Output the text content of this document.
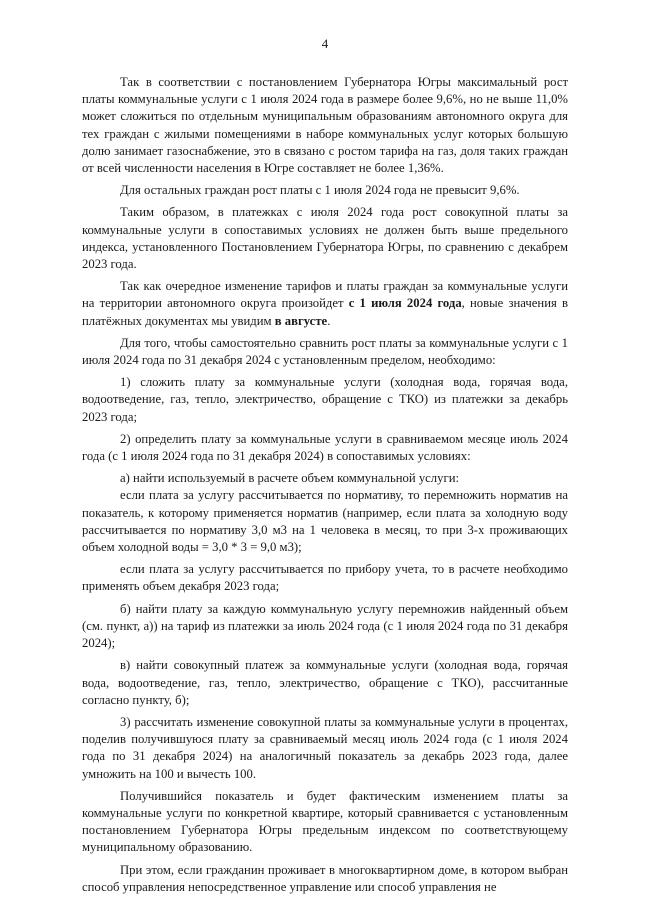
4

Так в соответствии с постановлением Губернатора Югры максимальный рост платы коммунальные услуги с 1 июля 2024 года в размере более 9,6%, но не выше 11,0% может сложиться по отдельным муниципальным образованиям автономного округа для тех граждан с жилыми помещениями в наборе коммунальных услуг которых большую долю занимает газоснабжение, это в связано с ростом тарифа на газ, доля таких граждан от всей численности населения в Югре составляет не более 1,36%.

Для остальных граждан рост платы с 1 июля 2024 года не превысит 9,6%.

Таким образом, в платежках с июля 2024 года рост совокупной платы за коммунальные услуги в сопоставимых условиях не должен быть выше предельного индекса, установленного Постановлением Губернатора Югры, по сравнению с декабрем 2023 года.

Так как очередное изменение тарифов и платы граждан за коммунальные услуги на территории автономного округа произойдет с 1 июля 2024 года, новые значения в платёжных документах мы увидим в августе.

Для того, чтобы самостоятельно сравнить рост платы за коммунальные услуги с 1 июля 2024 года по 31 декабря 2024 с установленным пределом, необходимо:

1) сложить плату за коммунальные услуги (холодная вода, горячая вода, водоотведение, газ, тепло, электричество, обращение с ТКО) из платежки за декабрь 2023 года;

2) определить плату за коммунальные услуги в сравниваемом месяце июль 2024 года (с 1 июля 2024 года по 31 декабря 2024) в сопоставимых условиях:

а) найти используемый в расчете объем коммунальной услуги:

если плата за услугу рассчитывается по нормативу, то перемножить норматив на показатель, к которому применяется норматив (например, если плата за холодную воду рассчитывается по нормативу 3,0 м3 на 1 человека в месяц, то при 3-х проживающих объем холодной воды = 3,0 * 3 = 9,0 м3);

если плата за услугу рассчитывается по прибору учета, то в расчете необходимо применять объем декабря 2023 года;

б) найти плату за каждую коммунальную услугу перемножив найденный объем (см. пункт, а)) на тариф из платежки за июль 2024 года (с 1 июля 2024 года по 31 декабря 2024);

в) найти совокупный платеж за коммунальные услуги (холодная вода, горячая вода, водоотведение, газ, тепло, электричество, обращение с ТКО), рассчитанные согласно пункту, б);

3) рассчитать изменение совокупной платы за коммунальные услуги в процентах, поделив получившуюся плату за сравниваемый месяц июль 2024 года (с 1 июля 2024 года по 31 декабря 2024) на аналогичный показатель за декабрь 2023 года, далее умножить на 100 и вычесть 100.

Получившийся показатель и будет фактическим изменением платы за коммунальные услуги по конкретной квартире, который сравнивается с установленным постановлением Губернатора Югры предельным индексом по соответствующему муниципальному образованию.

При этом, если гражданин проживает в многоквартирном доме, в котором выбран способ управления непосредственное управление или способ управления не
